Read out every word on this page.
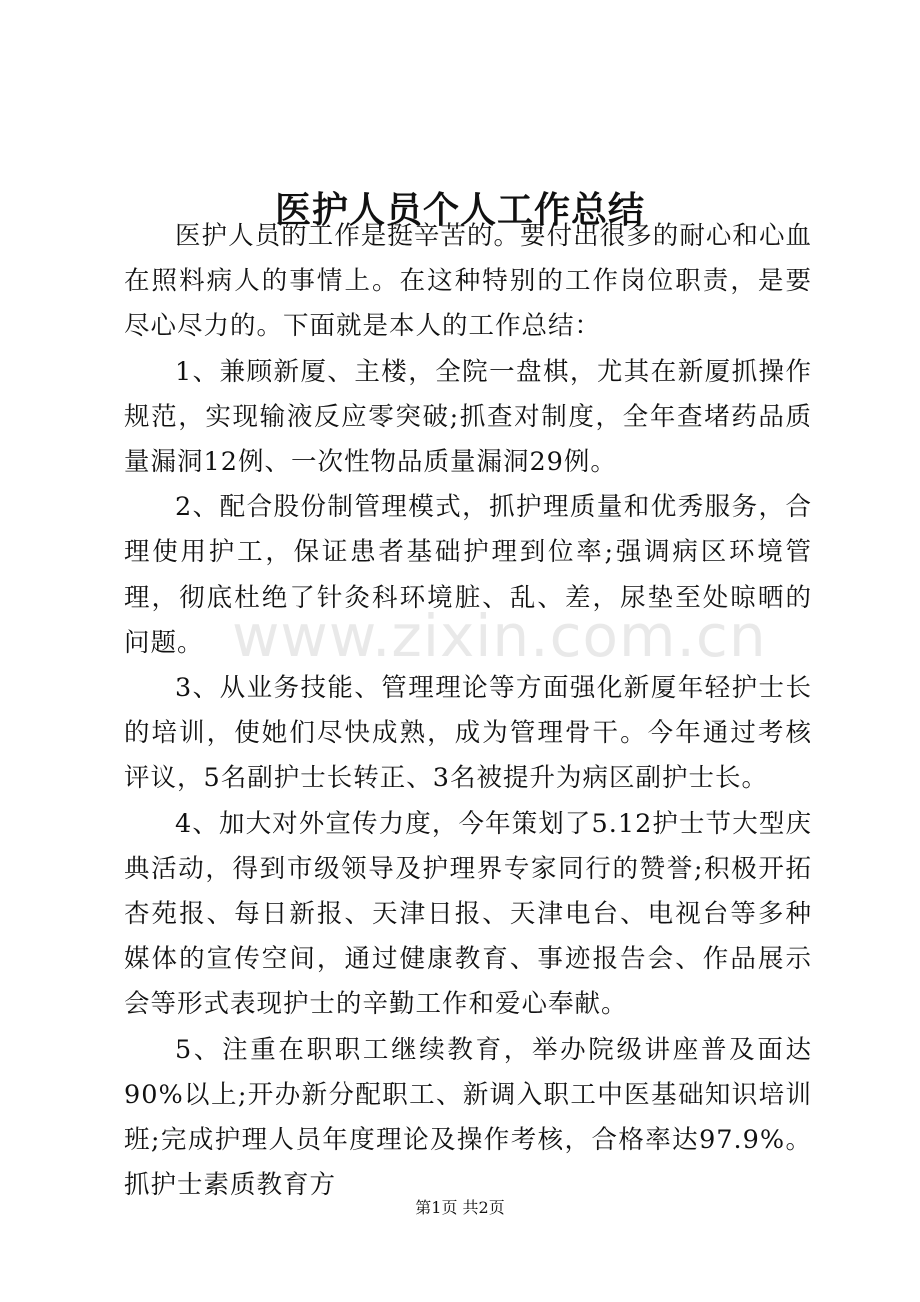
www.zixin.com.cn
医护人员个人工作总结

医护人员的工作是挺辛苦的。要付出很多的耐心和心血在照料病人的事情上。在这种特别的工作岗位职责，是要尽心尽力的。下面就是本人的工作总结：

1、兼顾新厦、主楼，全院一盘棋，尤其在新厦抓操作规范，实现输液反应零突破;抓查对制度，全年查堵药品质量漏洞12例、一次性物品质量漏洞29例。

2、配合股份制管理模式，抓护理质量和优秀服务，合理使用护工，保证患者基础护理到位率;强调病区环境管理，彻底杜绝了针灸科环境脏、乱、差，尿垫至处晾晒的问题。

3、从业务技能、管理理论等方面强化新厦年轻护士长的培训，使她们尽快成熟，成为管理骨干。今年通过考核评议，5名副护士长转正、3名被提升为病区副护士长。

4、加大对外宣传力度，今年策划了5.12护士节大型庆典活动，得到市级领导及护理界专家同行的赞誉;积极开拓杏苑报、每日新报、天津日报、天津电台、电视台等多种媒体的宣传空间，通过健康教育、事迹报告会、作品展示会等形式表现护士的辛勤工作和爱心奉献。

5、注重在职职工继续教育，举办院级讲座普及面达90%以上;开办新分配职工、新调入职工中医基础知识培训班;完成护理人员年度理论及操作考核，合格率达97.9%。抓护士素质教育方

第1页 共2页
